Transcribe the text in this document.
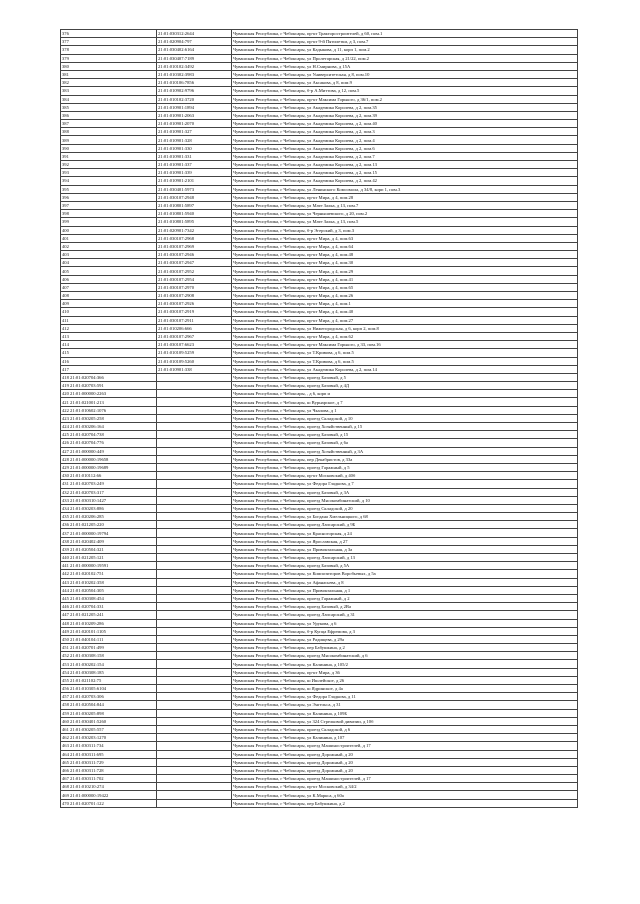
376	21:01:030312:2644	Чувашская Республика, г Чебоксары, пр-кт Тракторостроителей, д 60, пом.1
377	21:01:020904:797	Чувашская Республика, г Чебоксары, пр-кт 9-й Пятилетки, д 3, пом.7
378	21:01:030402:6164	Чувашская Республика, г Чебоксары, ул Кадыкова, д 11, корп 1, пом.2
379	21:01:030407:7189	Чувашская Республика, г Чебоксары, ул Пролетарская, д 21/22, пом.2
380	21:01:010102:3492	Чувашская Республика, г Чебоксары, ул Н.Смирнова, д 15А
381	21:01:010302:3983	Чувашская Республика, г Чебоксары, ул Университетская, д 8, пом.10
382	21:01:010106:7856	Чувашская Республика, г Чебоксары, ул Аксакова, д 8, пом.9
383	21:01:010902:9796	Чувашская Республика, г Чебоксары, б-р А.Миттова, д 12, пом.5
384	21:01:010102:3720	Чувашская Республика, г Чебоксары, пр-кт Максима Горького, д 36/1, пом.2
385	21:01:010901:1894	Чувашская Республика, г Чебоксары, ул Академика Королева, д 2, пом.35
386	21:01:010901:2063	Чувашская Республика, г Чебоксары, ул Академика Королева, д 2, пом.39
387	21:01:010901:2070	Чувашская Республика, г Чебоксары, ул Академика Королева, д 2, пом.40
388	21:01:010901:327	Чувашская Республика, г Чебоксары, ул Академика Королева, д 2, пом.3
389	21:01:010901:328	Чувашская Республика, г Чебоксары, ул Академика Королева, д 2, пом.4
390	21:01:010901:330	Чувашская Республика, г Чебоксары, ул Академика Королева, д 2, пом.6
391	21:01:010901:331	Чувашская Республика, г Чебоксары, ул Академика Королева, д 2, пом.7
392	21:01:010901:337	Чувашская Республика, г Чебоксары, ул Академика Королева, д 2, пом.13
393	21:01:010901:339	Чувашская Республика, г Чебоксары, ул Академика Королева, д 2, пом.15
394	21:01:010901:2101	Чувашская Республика, г Чебоксары, ул Академика Королева, д 2, пом.42
395	21:01:030401:5973	Чувашская Республика, г Чебоксары, ул Ленинского Комсомола, д 34/8, корп 1, пом.3
396	21:01:030107:2948	Чувашская Республика, г Чебоксары, пр-кт Мира, д 4, пом.28
397	21:01:010801:5897	Чувашская Республика, г Чебоксары, ул Мате Залка, д 13, пом.7
398	21:01:010801:5940	Чувашская Республика, г Чебоксары, ул Чернышевского, д 20, пом.2
399	21:01:010801:5895	Чувашская Республика, г Чебоксары, ул Мате Залка, д 13, пом.5
400	21:01:020901:7342	Чувашская Республика, г Чебоксары, б-р Эгерский, д 3, пом.3
401	21:01:030107:2968	Чувашская Республика, г Чебоксары, пр-кт Мира, д 4, пом.63
402	21:01:030107:2969	Чувашская Республика, г Чебоксары, пр-кт Мира, д 4, пом.64
403	21:01:030107:2946	Чувашская Республика, г Чебоксары, пр-кт Мира, д 4, пом.48
404	21:01:030107:2947	Чувашская Республика, г Чебоксары, пр-кт Мира, д 4, пом.30
405	21:01:030107:2952	Чувашская Республика, г Чебоксары, пр-кт Мира, д 4, пом.29
406	21:01:030107:2954	Чувашская Республика, г Чебоксары, пр-кт Мира, д 4, пом.41
407	21:01:030107:2970	Чувашская Республика, г Чебоксары, пр-кт Мира, д 4, пом.65
408	21:01:030107:2908	Чувашская Республика, г Чебоксары, пр-кт Мира, д 4, пом.26
409	21:01:030107:2926	Чувашская Республика, г Чебоксары, пр-кт Мира, д 4, пом.1
410	21:01:030107:2919	Чувашская Республика, г Чебоксары, пр-кт Мира, д 4, пом.40
411	21:01:030107:2911	Чувашская Республика, г Чебоксары, пр-кт Мира, д 4, пом.27
412	21:01:010206:666	Чувашская Республика, г Чебоксары, ул Нижегородская, д 6, корп 2, пом.8
413	21:01:030107:2967	Чувашская Республика, г Чебоксары, пр-кт Мира, д 4, пом.62
414	21:01:030107:6623	Чувашская Республика, г Чебоксары, пр-кт Максима Горького, д 33, пом.16
415	21:01:010109:5259	Чувашская Республика, г Чебоксары, ул Т.Кривова, д 6, пом.5
416	21:01:010109:5260	Чувашская Республика, г Чебоксары, ул Т.Кривова, д 6, пом.5
417	21:01:010901:338	Чувашская Республика, г Чебоксары, ул Академика Королева, д 2, пом.14
418 21:01:020704:366		Чувашская Республика, г Чебоксары, проезд Базовый, д 5
419 21:01:020703:591		Чувашская Республика, г Чебоксары, проезд Базовый, д 4Д
420 21:01:000000:2263		Чувашская Республика, г Чебоксары, , д 6, корп и
421 21:01:021001:213		Чувашская Республика, г Чебоксары, ш Вурнарское, д 7
422 21:01:010602:1076		Чувашская Республика, г Чебоксары, ул Чкалова, д 1
423 21:01:030205:258		Чувашская Республика, г Чебоксары, проезд Складской, д 10
424 21:01:030206:164		Чувашская Республика, г Чебоксары, проезд Хозяйственный, д 15
425 21:01:020704:738		Чувашская Республика, г Чебоксары, проезд Базовый, д 15
426 21:01:020704:776		Чувашская Республика, г Чебоксары, проезд Базовый, д 6а
427 21:01:000000:449		Чувашская Республика, г Чебоксары, проезд Хозяйственный, д 3А
428 21:01:000000:19658		Чувашская Республика, г Чебоксары, пер Декабристов, д 33а
429 21:01:000000:19689		Чувашская Республика, г Чебоксары, проезд Гаражный, д 5
430 21:01:010112:66		Чувашская Республика, г Чебоксары, пр-кт Московский, д 40б
431 21:01:020703:249		Чувашская Республика, г Чебоксары, ул Федора Гладкова, д 7
432 21:01:020703:317		Чувашская Республика, г Чебоксары, проезд Базовый, д 3А
433 21:01:030310:1427		Чувашская Республика, г Чебоксары, проезд Мясокомбинатский, д 10
434 21:01:030203:886		Чувашская Республика, г Чебоксары, проезд Складской, д 20
435 21:01:020206:285		Чувашская Республика, г Чебоксары, ул Богдана Хмельницкого, д 68
436 21:01:021205:220		Чувашская Республика, г Чебоксары, проезд Лапсарский, д 9Б
437 21:01:000000:19794		Чувашская Республика, г Чебоксары, ул Красногорская, д 24
438 21:01:020402:409		Чувашская Республика, г Чебоксары, ул Ярославская, д 27
439 21:01:020504:321		Чувашская Республика, г Чебоксары, ул Привокзальная, д 3а
440 21:01:021205:121		Чувашская Республика, г Чебоксары, проезд Лапсарский, д 13
441 21:01:000000:19591		Чувашская Республика, г Чебоксары, проезд Базовый, д 5А
442 21:01:020102:751		Чувашская Республика, г Чебоксары, ул Композиторов Воробьевых, д 5а
443 21:01:010202:358		Чувашская Республика, г Чебоксары, ул Афанасьева, д 8
444 21:01:020504:305		Чувашская Республика, г Чебоксары, ул Привокзальная, д 1
445 21:01:030308:454		Чувашская Республика, г Чебоксары, проезд Гаражный, д 2
446 21:01:020704:331		Чувашская Республика, г Чебоксары, проезд Базовый, д 2Ва
447 21:01:021205:241		Чувашская Республика, г Чебоксары, проезд Лапсарский, д 31
448 21:01:010209:286		Чувашская Республика, г Чебоксары, ул Урукова, д 6
449 21:01:020101:1105		Чувашская Республика, г Чебоксары, б-р Купца Ефремова, д 3
450 21:01:040104:111		Чувашская Республика, г Чебоксары, ул Радищева, д 29а
451 21:01:020701:499		Чувашская Республика, г Чебоксары, пер Бабушкина, д 2
452 21:01:030308:158		Чувашская Республика, г Чебоксары, проезд Мясокомбинатский, д 6
453 21:01:030202:154		Чувашская Республика, г Чебоксары, ул Калинина, д 105/2
454 21:01:030308:185		Чувашская Республика, г Чебоксары, пр-кт Мира, д 36
455 21:01:021102:75		Чувашская Республика, г Чебоксары, ш Ишлейское, д 26
456 21:01:010305:6104		Чувашская Республика, г Чебоксары, ш Ядринское, д 4а
457 21:01:020703:306		Чувашская Республика, г Чебоксары, ул Федора Гладкова, д 11
458 21:01:020504:844		Чувашская Республика, г Чебоксары, ул Энгельса, д 31
459 21:01:030205:898		Чувашская Республика, г Чебоксары, ул Калинина, д 109Б
460 21:01:030401:5260		Чувашская Республика, г Чебоксары, ул 324 Стрелковой дивизии, д 10б
461 21:01:030205:557		Чувашская Республика, г Чебоксары, проезд Складской, д 6
462 21:01:030203:1270		Чувашская Республика, г Чебоксары, ул Калинина, д 107
463 21:01:030311:734		Чувашская Республика, г Чебоксары, проезд Машиностроителей, д 17
464 21:01:030311:695		Чувашская Республика, г Чебоксары, проезд Дорожный, д 20
465 21:01:030311:729		Чувашская Республика, г Чебоксары, проезд Дорожный, д 20
466 21:01:030311:728		Чувашская Республика, г Чебоксары, проезд Дорожный, д 20
467 21:01:030311:702		Чувашская Республика, г Чебоксары, проезд Машиностроителей, д 17
468 21:01:010210:274		Чувашская Республика, г Чебоксары, пр-кт Московский, д 34/2
469 21:01:000000:19422		Чувашская Республика, г Чебоксары, ул К.Маркса, д 60а
470 21:01:020701:122		Чувашская Республика, г Чебоксары, пер Бабушкина, д 2
